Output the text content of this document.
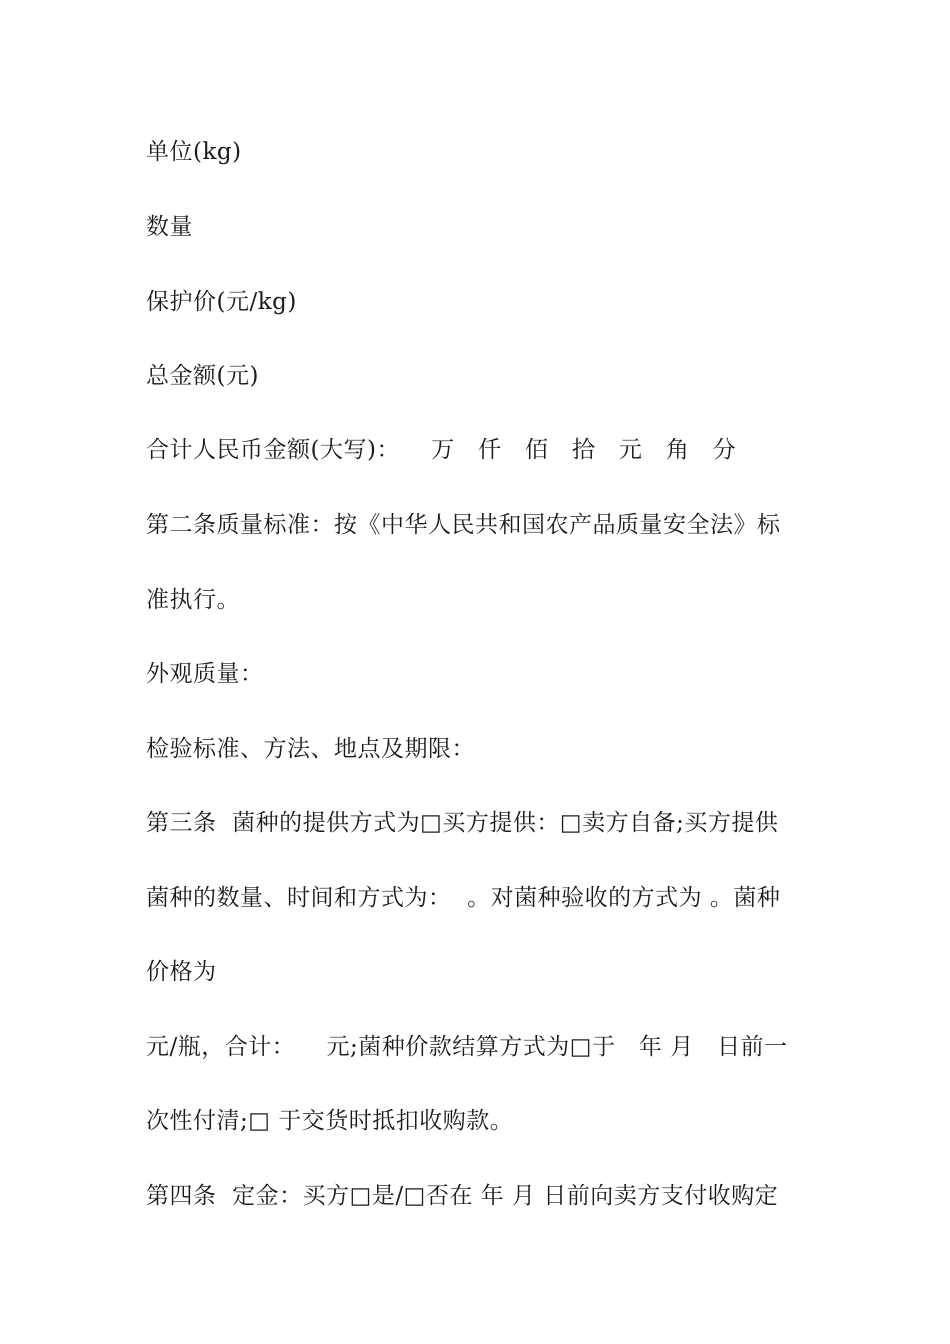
单位(kg)
数量
保护价(元/kg)
总金额(元)
合计人民币金额(大写)：    万   仟   佰   拾   元   角   分
第二条质量标准：按《中华人民共和国农产品质量安全法》标
准执行。
外观质量：
检验标准、方法、地点及期限：
第三条  菌种的提供方式为□买方提供：□卖方自备;买方提供
菌种的数量、时间和方式为：  。对菌种验收的方式为 。菌种
价格为
元/瓶，合计：    元;菌种价款结算方式为□于   年 月   日前一
次性付清;□ 于交货时抵扣收购款。
第四条  定金：买方□是/□否在 年 月 日前向卖方支付收购定
